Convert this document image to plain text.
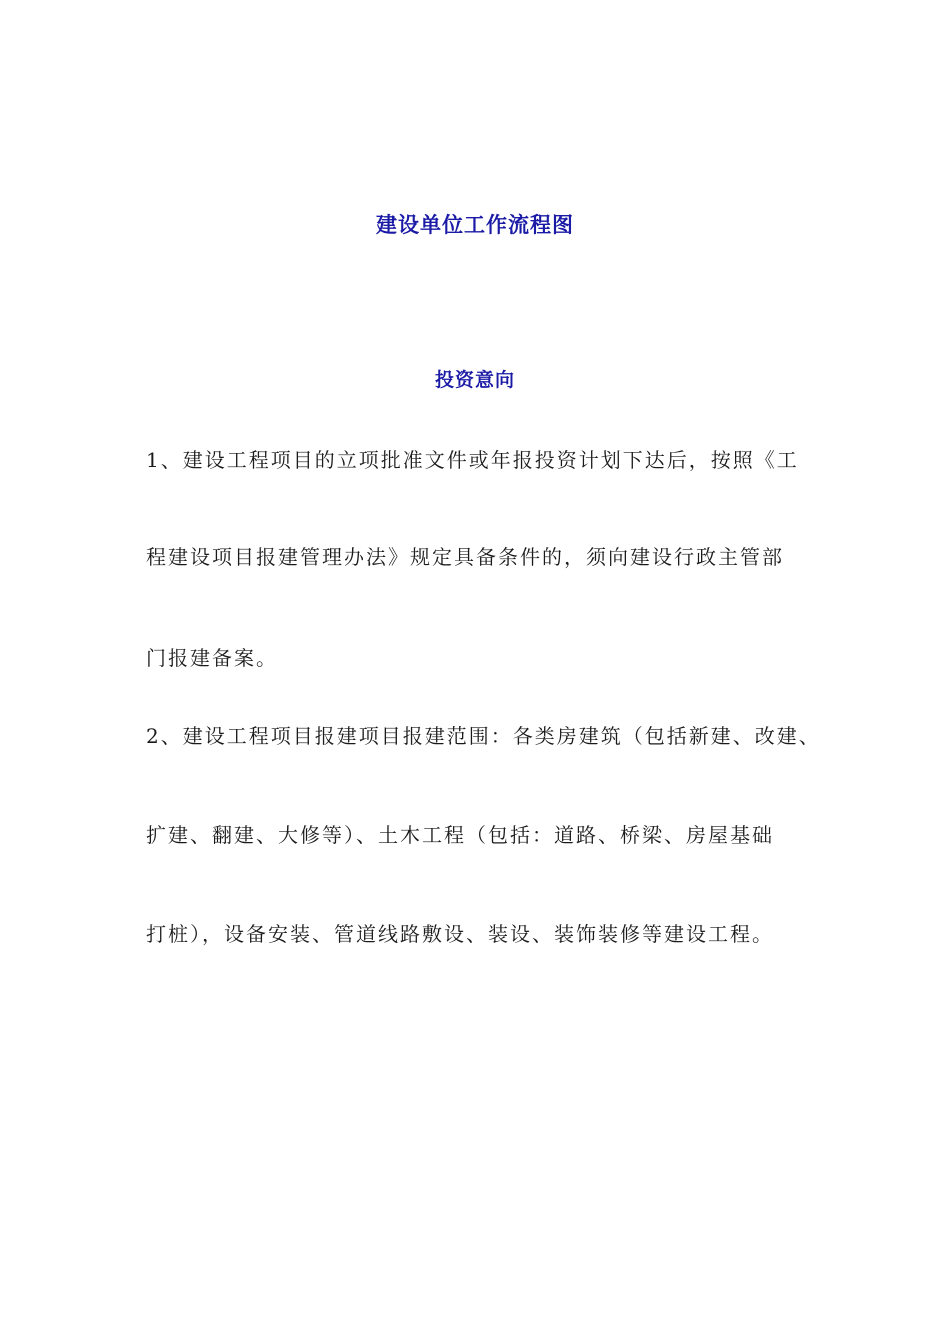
建设单位工作流程图
投资意向
1、建设工程项目的立项批准文件或年报投资计划下达后，按照《工
程建设项目报建管理办法》规定具备条件的，须向建设行政主管部
门报建备案。
2、建设工程项目报建项目报建范围：各类房建筑（包括新建、改建、
扩建、翻建、大修等）、土木工程（包括：道路、桥梁、房屋基础
打桩），设备安装、管道线路敷设、装设、装饰装修等建设工程。
